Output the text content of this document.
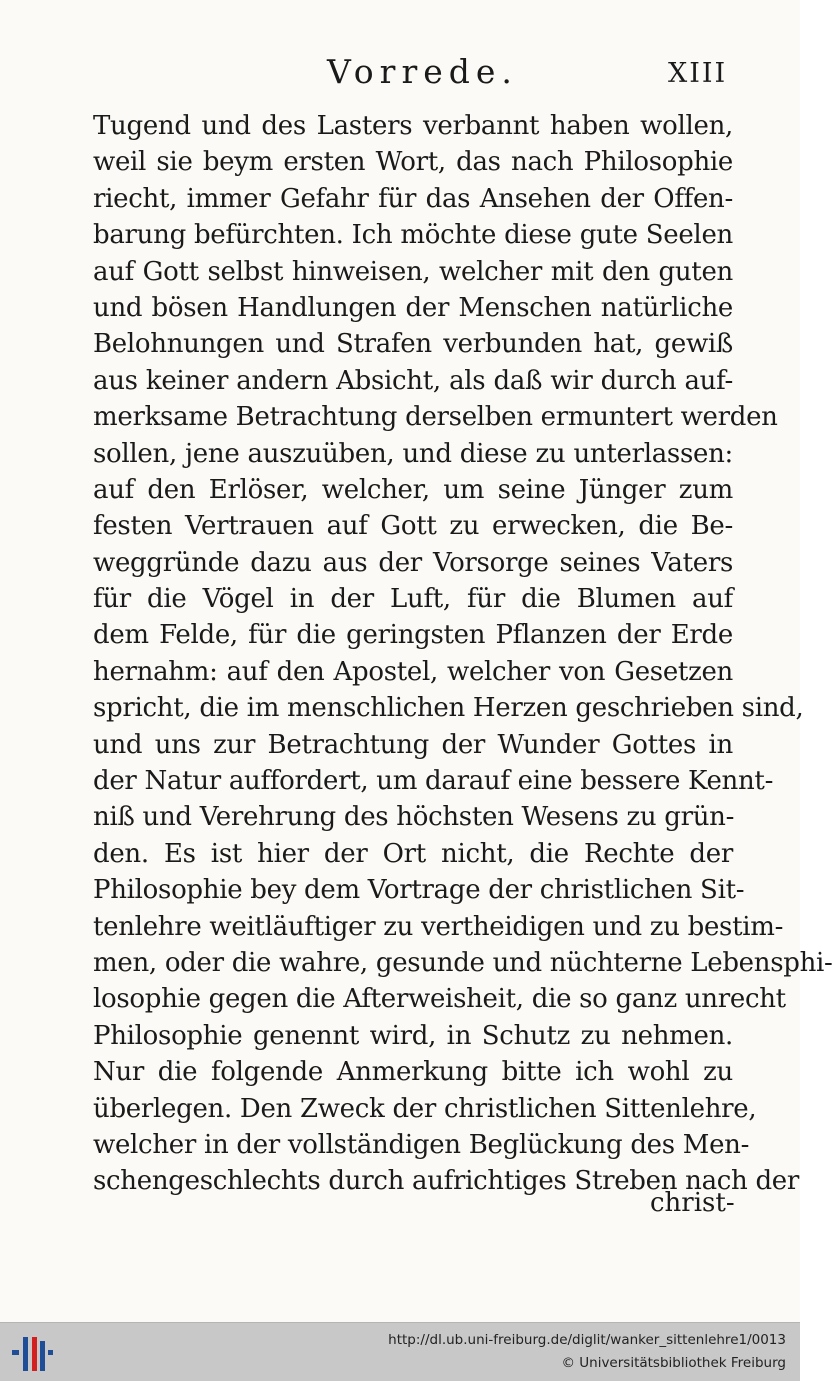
Vorrede.	XIII
Tugend und des Lasters verbannt haben wollen,
weil sie beym ersten Wort, das nach Philosophie
riecht, immer Gefahr für das Ansehen der Offen-
barung befürchten. Ich möchte diese gute Seelen
auf Gott selbst hinweisen, welcher mit den guten
und bösen Handlungen der Menschen natürliche
Belohnungen und Strafen verbunden hat, gewiß
aus keiner andern Absicht, als daß wir durch auf-
merksame Betrachtung derselben ermuntert werden
sollen, jene auszuüben, und diese zu unterlassen:
auf den Erlöser, welcher, um seine Jünger zum
festen Vertrauen auf Gott zu erwecken, die Be-
weggründe dazu aus der Vorsorge seines Vaters
für die Vögel in der Luft, für die Blumen auf
dem Felde, für die geringsten Pflanzen der Erde
hernahm: auf den Apostel, welcher von Gesetzen
spricht, die im menschlichen Herzen geschrieben sind,
und uns zur Betrachtung der Wunder Gottes in
der Natur auffordert, um darauf eine bessere Kennt-
niß und Verehrung des höchsten Wesens zu grün-
den. Es ist hier der Ort nicht, die Rechte der
Philosophie bey dem Vortrage der christlichen Sit-
tenlehre weitläuftiger zu vertheidigen und zu bestim-
men, oder die wahre, gesunde und nüchterne Lebensphi-
losophie gegen die Afterweisheit, die so ganz unrecht
Philosophie genennt wird, in Schutz zu nehmen.
Nur die folgende Anmerkung bitte ich wohl zu
überlegen. Den Zweck der christlichen Sittenlehre,
welcher in der vollständigen Beglückung des Men-
schengeschlechts durch aufrichtiges Streben nach der
christ-
http://dl.ub.uni-freiburg.de/diglit/wanker_sittenlehre1/0013
© Universitätsbibliothek Freiburg
